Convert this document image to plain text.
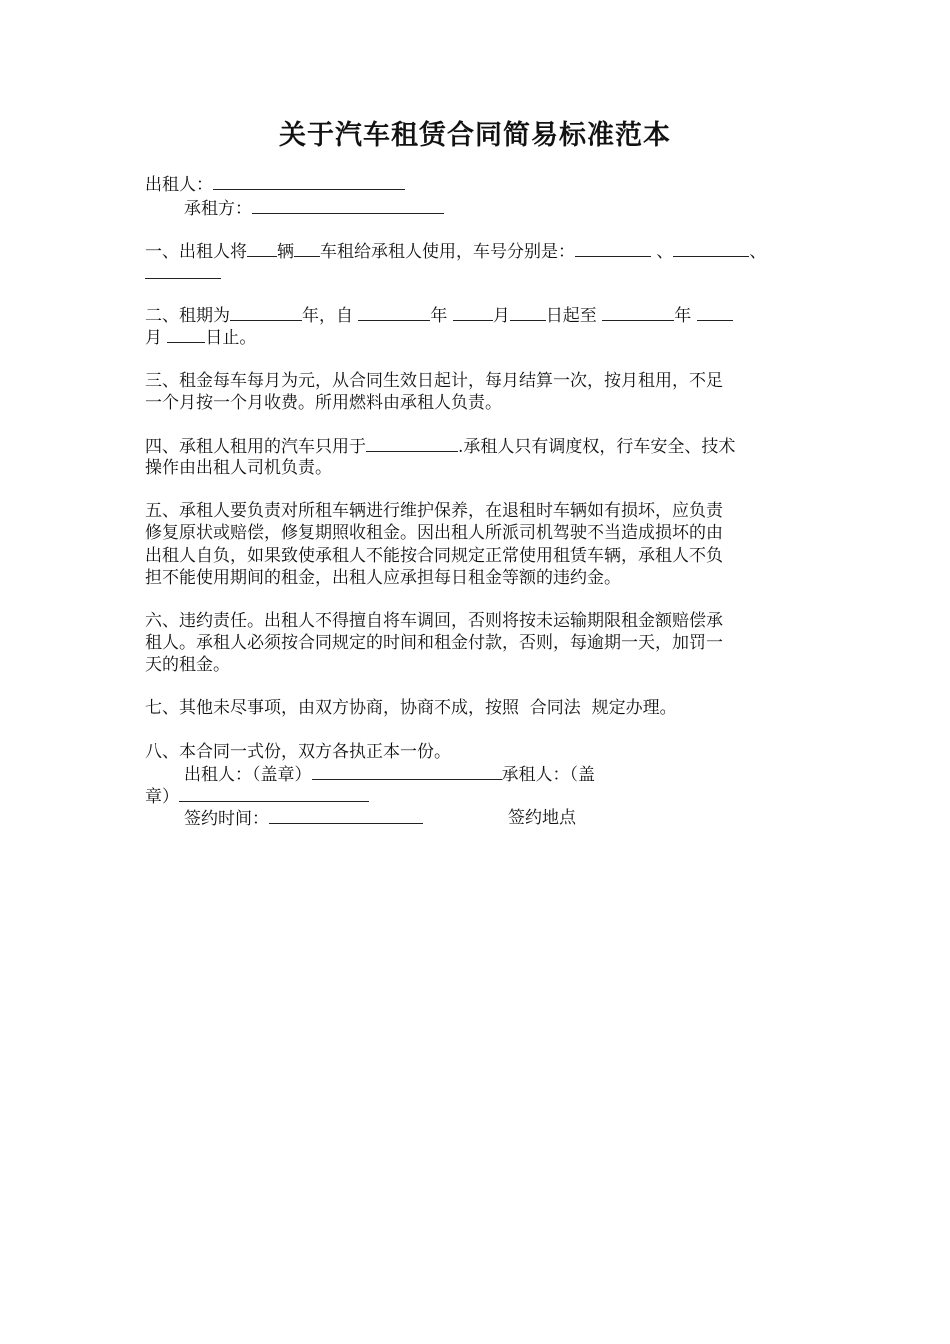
关于汽车租赁合同简易标准范本
出租人：
承租方：
一、出租人将 辆 车租给承租人使用，车号分别是：	、	、
二、租期为	年，自	年 月 日起至	年
月 日止。
三、租金每车每月为元，从合同生效日起计，每月结算一次，按月租用，不足
一个月按一个月收费。所用燃料由承租人负责。
四、承租人租用的汽车只用于	.承租人只有调度权，行车安全、技术
操作由出租人司机负责。
五、承租人要负责对所租车辆进行维护保养，在退租时车辆如有损坏，应负责
修复原状或赔偿，修复期照收租金。因出租人所派司机驾驶不当造成损坏的由
出租人自负，如果致使承租人不能按合同规定正常使用租赁车辆，承租人不负
担不能使用期间的租金，出租人应承担每日租金等额的违约金。
六、违约责任。出租人不得擅自将车调回，否则将按未运输期限租金额赔偿承
租人。承租人必须按合同规定的时间和租金付款，否则，每逾期一天，加罚一
天的租金。
七、其他未尽事项，由双方协商，协商不成，按照  合同法  规定办理。
八、本合同一式份，双方各执正本一份。
出租人：（盖章）	承租人：（盖
章）
签约时间：	签约地点
